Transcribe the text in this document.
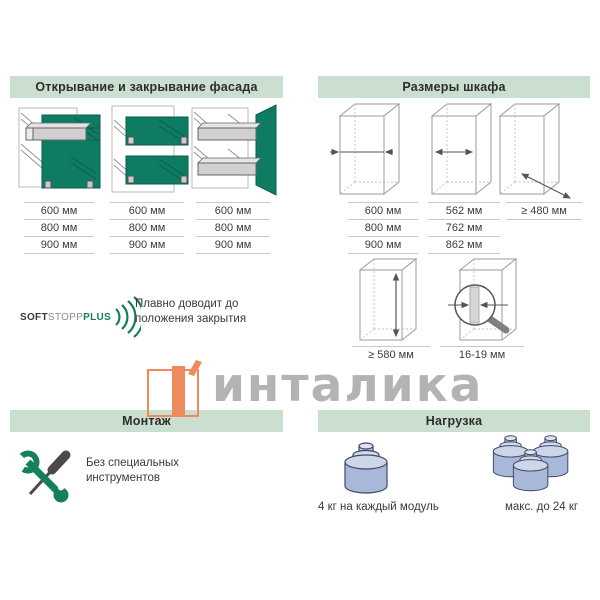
Открывание и закрывание фасада
600 мм
800 мм
900 мм
600 мм
800 мм
900 мм
600 мм
800 мм
900 мм
SOFTSTOPPPLUS
Плавно доводит до
положения закрытия
Размеры шкафа
600 мм
800 мм
900 мм
562 мм
762 мм
862 мм
≥ 480 мм
≥ 580 мм	16-19 мм
инталика
Монтаж
Без специальных
инструментов
Нагрузка
4 кг на каждый модуль	макс. до 24 кг
